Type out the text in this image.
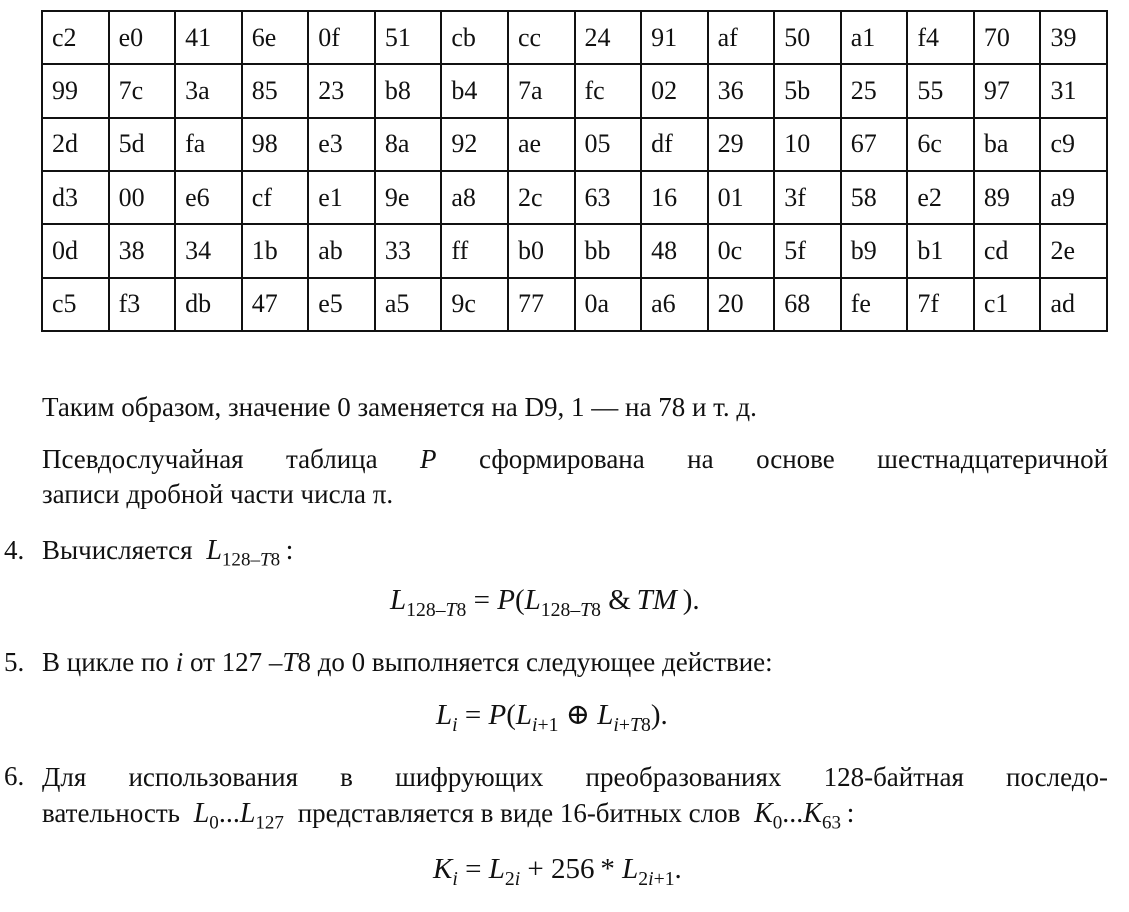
c2	e0	41	6e	0f	51	cb	cc	24	91	af	50	a1	f4	70	39
99	7c	3a	85	23	b8	b4	7a	fc	02	36	5b	25	55	97	31
2d	5d	fa	98	e3	8a	92	ae	05	df	29	10	67	6c	ba	c9
d3	00	e6	cf	e1	9e	a8	2c	63	16	01	3f	58	e2	89	a9
0d	38	34	1b	ab	33	ff	b0	bb	48	0c	5f	b9	b1	cd	2e
c5	f3	db	47	e5	a5	9c	77	0a	a6	20	68	fe	7f	c1	ad
Таким образом, значение 0 заменяется на D9, 1 — на 78 и т. д.
Псевдослучайная таблица P сформирована на основе шестнадцатеричной
записи дробной части числа π.
4. Вычисляется $L_{128-T8}$ :
$L_{128-T8} = P(L_{128-T8}$ & TM ).
5. В цикле по i от 127 –T8 до 0 выполняется следующее действие:
$L_i = P(L_{i+1}$ ⊕ $L_{i+T8}$).
Для использования в шифрующих преобразованиях 128-байтная последо-
6.
вательность $L_0...L_{127}$ представляется в виде 16-битных слов $K_0...K_{63}$ :
$K_i = L_{2i} + 256 * L_{2i+1}$.
